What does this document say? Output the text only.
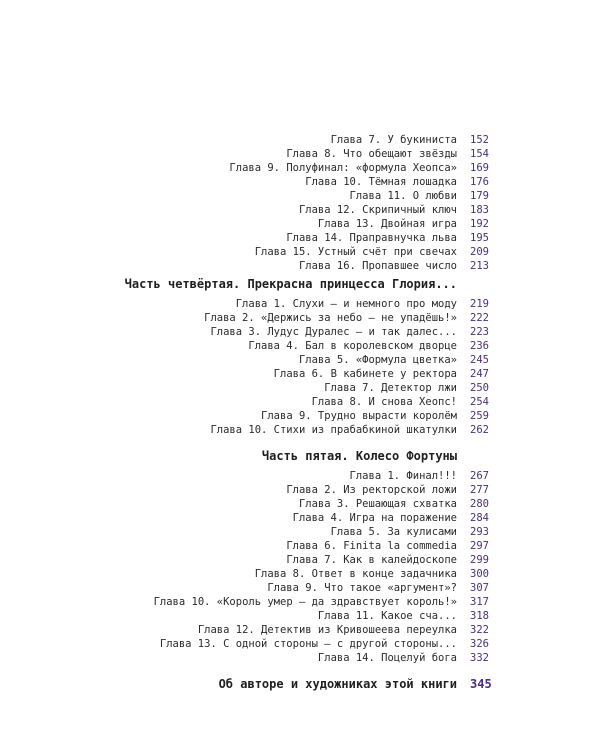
Глава 7. У букиниста 152
Глава 8. Что обещают звёзды 154
Глава 9. Полуфинал: «формула Хеопса» 169
Глава 10. Тёмная лошадка 176
Глава 11. О любви 179
Глава 12. Скрипичный ключ 183
Глава 13. Двойная игра 192
Глава 14. Праправнучка льва 195
Глава 15. Устный счёт при свечах 209
Глава 16. Пропавшее число 213
Часть четвёртая. Прекрасна принцесса Глория...
Глава 1. Слухи — и немного про моду 219
Глава 2. «Держись за небо — не упадёшь!» 222
Глава 3. Лудус Дуралес — и так далес... 223
Глава 4. Бал в королевском дворце 236
Глава 5. «Формула цветка» 245
Глава 6. В кабинете у ректора 247
Глава 7. Детектор лжи 250
Глава 8. И снова Хеопс! 254
Глава 9. Трудно вырасти королём 259
Глава 10. Стихи из прабабкиной шкатулки 262
Часть пятая. Колесо Фортуны
Глава 1. Финал!!! 267
Глава 2. Из ректорской ложи 277
Глава 3. Решающая схватка 280
Глава 4. Игра на поражение 284
Глава 5. За кулисами 293
Глава 6. Finita la commedia 297
Глава 7. Как в калейдоскопе 299
Глава 8. Ответ в конце задачника 300
Глава 9. Что такое «аргумент»? 307
Глава 10. «Король умер — да здравствует король!» 317
Глава 11. Какое сча... 318
Глава 12. Детектив из Кривошеева переулка 322
Глава 13. С одной стороны — с другой стороны... 326
Глава 14. Поцелуй бога 332
Об авторе и художниках этой книги 345
